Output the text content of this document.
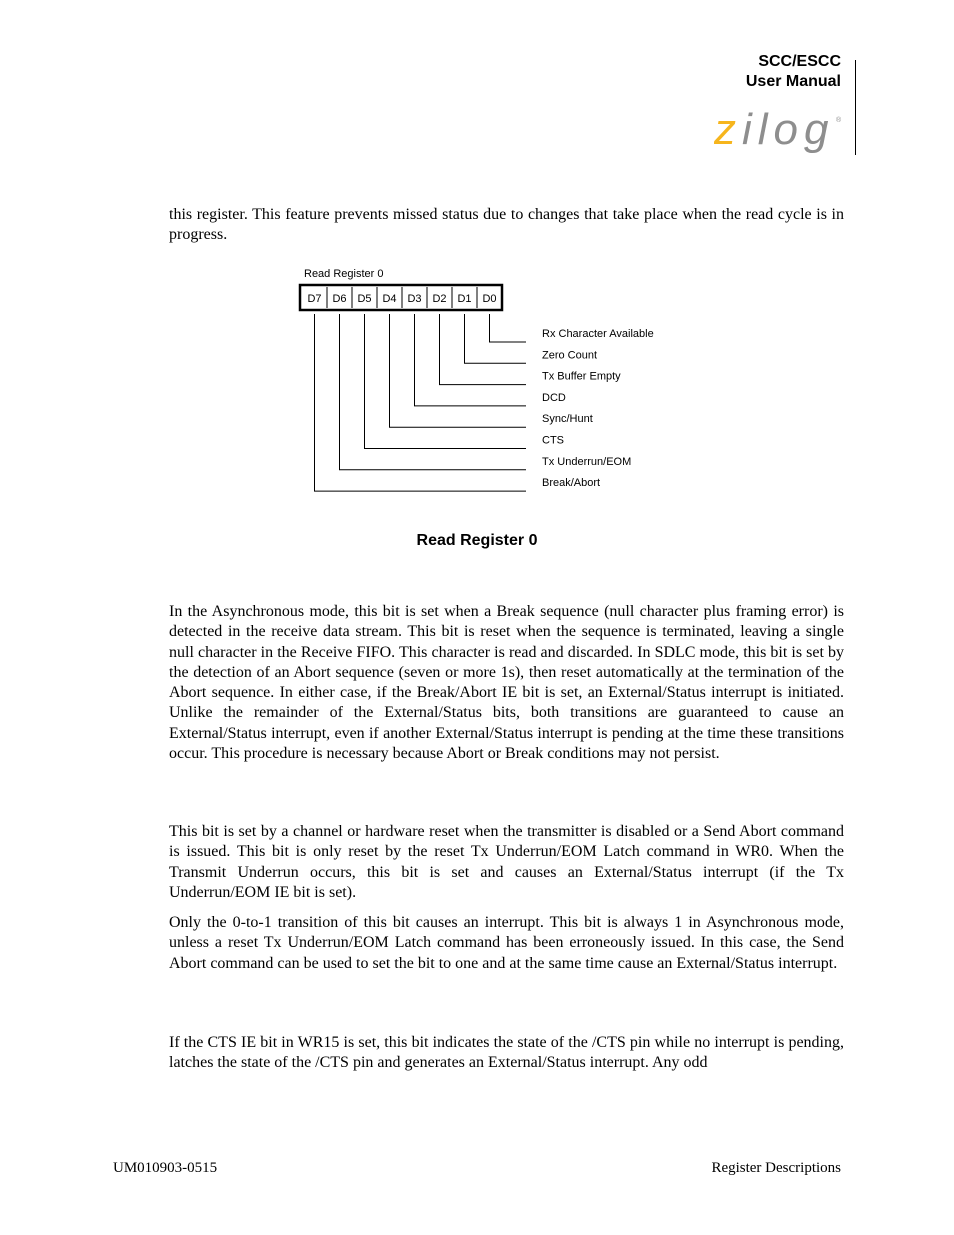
SCC/ESCC
User Manual
z ilog ®

this register. This feature prevents missed status due to changes that take place when the read cycle is in progress.

Read Register 0
D7 D6 D5 D4 D3 D2 D1 D0
Rx Character Available
Zero Count
Tx Buffer Empty
DCD
Sync/Hunt
CTS
Tx Underrun/EOM
Break/Abort
Read Register 0

In the Asynchronous mode, this bit is set when a Break sequence (null character plus framing error) is detected in the receive data stream. This bit is reset when the sequence is terminated, leaving a single null character in the Receive FIFO. This character is read and discarded. In SDLC mode, this bit is set by the detection of an Abort sequence (seven or more 1s), then reset automatically at the termination of the Abort sequence. In either case, if the Break/Abort IE bit is set, an External/Status interrupt is initiated. Unlike the remainder of the External/Status bits, both transitions are guaranteed to cause an External/Status interrupt, even if another External/Status interrupt is pending at the time these transitions occur. This procedure is necessary because Abort or Break conditions may not persist.

This bit is set by a channel or hardware reset when the transmitter is disabled or a Send Abort command is issued. This bit is only reset by the reset Tx Underrun/EOM Latch command in WR0. When the Transmit Underrun occurs, this bit is set and causes an External/Status interrupt (if the Tx Underrun/EOM IE bit is set).

Only the 0-to-1 transition of this bit causes an interrupt. This bit is always 1 in Asynchronous mode, unless a reset Tx Underrun/EOM Latch command has been erroneously issued. In this case, the Send Abort command can be used to set the bit to one and at the same time cause an External/Status interrupt.

If the CTS IE bit in WR15 is set, this bit indicates the state of the /CTS pin while no interrupt is pending, latches the state of the /CTS pin and generates an External/Status interrupt. Any odd

UM010903-0515	Register Descriptions
